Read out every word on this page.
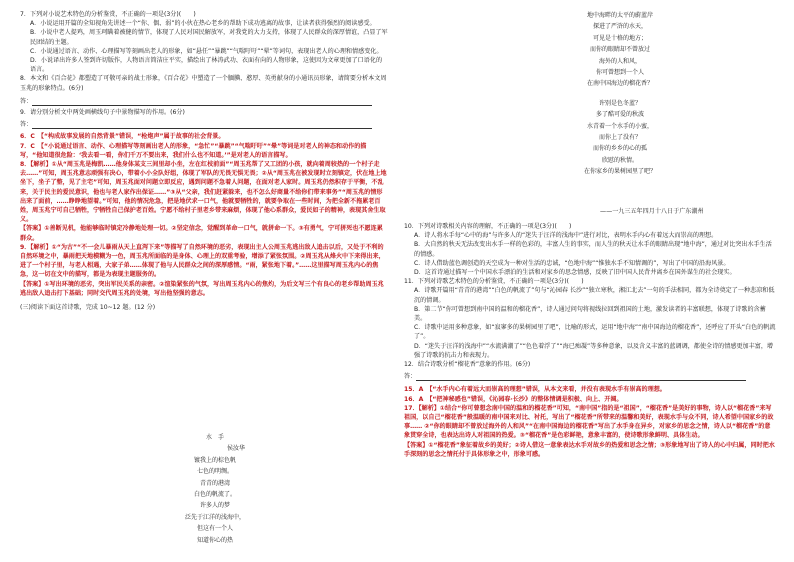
7．下列对小说艺术特色的分析鉴赏，不正确的一项是(3分)(　　)

A．小说运用开篇的全知视角先讲述一个“你、偶、弱”的小伙在热心老乡的帮助下成功逃离的故事，让读者获得强烈的阅读感受。

B．小说中老人提鸡，周玉珂瞒着被健的情节，体现了人民对国民解放军，对我党的大力支持，体现了人民群众的深厚情谊，凸显了军民团结的主题。

C．小说通过语言、动作、心理描写等刻画出老人的形象，如“悬任”“暴跳”“气喘吁吁”“晕”等词句，表现出老人的心理和情感变化。

D．小说译出许多人签到许切版作，人物语言简洁庄平实，描绘出了林涛武功、衣面有向的人物形象，这使因为文章更加了口语化的语言。

8．本文和《百合花》都塑造了可敬可亲的战士形象，《百合花》中塑造了一个腼腆、憨厚、英勇献身的小通讯员形象，请简要分析本文周玉兆的形象特点。(6分)

答：

9．请分别分析文中两处画横线句子中景物描写的作用。(6分)

答：

6．C　【“构成故事发展的自然背景”错误，“枪炮声”属于故事的社会背景。

7．C　【“小说通过语言、动作、心理描写等刻画出老人的形象，“急忙”“暴跳”“气喘吁吁”“晕”等词是对老人的神态和动作的描写，“他知道很危险：‘我去看一看，你们千万不要出来，我们什么也不知道。’”是对老人的语言描写。

8．【解析】①从“周玉兆是梅凯……他身体某支三间里却小坐，左在红枝前面”“周玉兆帮了又工团的小孩，就向着周较热的一个村子走去……”可知，周玉兆意志顽强有决心，带着小小全队好组，体现了军队的无畏无惧无畏；②从“周玉兆在被发现时立刻镇定，伏在地上地坐下，坐子了整，见了主宅”可知，周玉兆面对问题立即反应，遇到问题不急着人问题，在面对老人家时。周玉兆仍然积存于平衡，不乱来，关于民主的爱民意识，他也与老人家作出保证……”③从“父亲，我们赶紧躲来，也不怎么好商量不给你们带来事务”“周玉兆的情形出来了面前，……睁睁地望着。”可知，他的情况危急，把是地伏求一口气，他就要牺牲的，就要争取在一些时间，为把全新不拖累老百姓，周玉兆宁可自己牺牲，宁牺牲自己保护老百姓。宁愿不给村子里老乡带来麻烦，体现了他心系群众，爱民如子的精神，表现其舍生取义。

【答案】①善断见机，他能够临时镇定冷静地处理一切。②坚定信念，觉醒到革命一口气，就拼命一下。③有勇气，宁可拼死也不愿连累群众。

9．【解析】①“为古”“不一会儿暴雨从天上直泻下来”等描写了自然环境的恶劣，表现出主人公周玉兆逃出敌人追击以后，又处于不利的自然环境之中，暴雨把天地模糊为一色，周玉兆所面临的是身体、心理上的双重考验，增添了紧张氛围。②周玉兆从烽火中下来得出来，进了一个村子里，与老人相遇，大家子弟……体现了他与人民群众之间的深厚感情。“雨，紧张地下着。”……这里描写周玉兆内心的焦急，这一切在文中的描写，都是为表现主题服务的。

【答案】①写出环境的恶劣，突出军民关系的亲密。②渲染紧张的气氛，写出周玉兆内心的焦灼，为后文写三个有良心的老乡帮助周玉兆逃出敌人追击打下基础；同时交代周玉兆的处境，写出他坚强的意志。

(三)阅读下面这首诗歌，完成 10~12 题。(12 分)

水　手
　　　　　　　侯汝华
镀我上的棕色帆
七色的明绸。
青青的港湾
白色的帆流了。
许多人的梦
泛先于江洋的浅海中，
但这有一个人
知道你心的热
地中海畔的太平的蔚蓝岸
探进了严浒的水天，
可见是十格的地方；
而你的眼睛却不曾放过
海外的人和风，
你可曾想到一个人
在南中国海边的榴花香？
许别是色冬蓝？
多了酷可爱的秋波
水青着一个水手的小蜜，
而你上了没有？
而你的乡乡的心的孤
欣慰的秋情。
在你家乡的果树园里了吧？
——一九三五年四月十八日于广东潮州

10．下列对诗歌相关内容的理解，不正确的一项是(3分)(　　)

A．诗人将水手每“心中的海”与许多人的“迷失于汪洋的浅海中”进行对比，表明水手内心有着远大而崇高的理想。

B．大自然的秋天无法改变出水手一样的色彩的，丰富人生的事实，而人生的秋天让水手的眼睛出现“地中海”，通过对比突出水手生活的情感。

C．诗人借助蓝色调创造的天空成为一种对生活的忠诚，“色地中海”“惟独水手不知情调的”，写出了中国的沿海风景。

D．这首诗通过描写一个中国水手漂泊的生活和对家乡的思念情感，反映了旧中国人民背井离乡在国外谋生的社会现实。

11．下列对诗歌艺术特色的分析鉴赏，不正确的一项是(3分)(　　)

A．诗歌开篇用“青青的港湾”“白色的帆流了”句与“沁园春 长沙”“独立寒秋，湘江北去”一句的手法相同，都为全诗奠定了一种悲凉和低沉的情调。

B．第二节“你可曾想到南中国的温和的榴花香”，诗人通过问句将视线拉回到祖国的土地，激发读者的丰富联想，体现了诗歌的含蓄美。

C．诗歌中运用多种意象，如“寂寥多的果树园里了吧”，比喻的形式，运用“地中海”“南中国海边的榴花香”，还呼应了开头“白色的帆流了”。

D．“迷失于汪洋的浅海中”“水流满潮了”“色色着浮了”“海已痴凝”等多种意象，以及含义丰富的蓝调调，都使全诗的情感更加丰富，增强了诗歌的抗击力和表现力。

12．结合诗歌分析“榴花香”意象的作用。(6分)

答：

15．A　【“水手内心有着远大而崇高的理想”错误，从本文来看，并没有表现水手有崇高的理想。

16．A　【“把神秘感也”错误，《沁园春·长沙》的整体情调是积极、向上、开阔。

17．【解析】①结合“你可曾想念南中国的温和的榴花香”可知，“南中国”指的是“祖国”，“榴花香”是美好的事物，诗人以“榴花香”来写祖国，以自己“榴花香”般温暖的南中国来对比、衬托，写出了“榴花香”所带来的温馨和美好，表现水手与众不同，诗人希望中国家乡的故事…… ②“你的眼睛却不曾放过海外的人和风”“在南中国海边的榴花香”写出了水手身在异乡，对家乡的思念之情，诗人以“榴花香”的意象贯穿全诗，也表达出诗人对祖国的热爱。③“榴花香”是色彩鲜艳，意象丰富的，使诗歌形象鲜明、具体生动。

【答案】①“榴花香”象征着故乡的美好；②诗人借这一意象表达水手对故乡的热爱和思念之情；③形象地写出了诗人的心中归属，同时把水手深刻的思念之情托付于具体形象之中，形象可感。
